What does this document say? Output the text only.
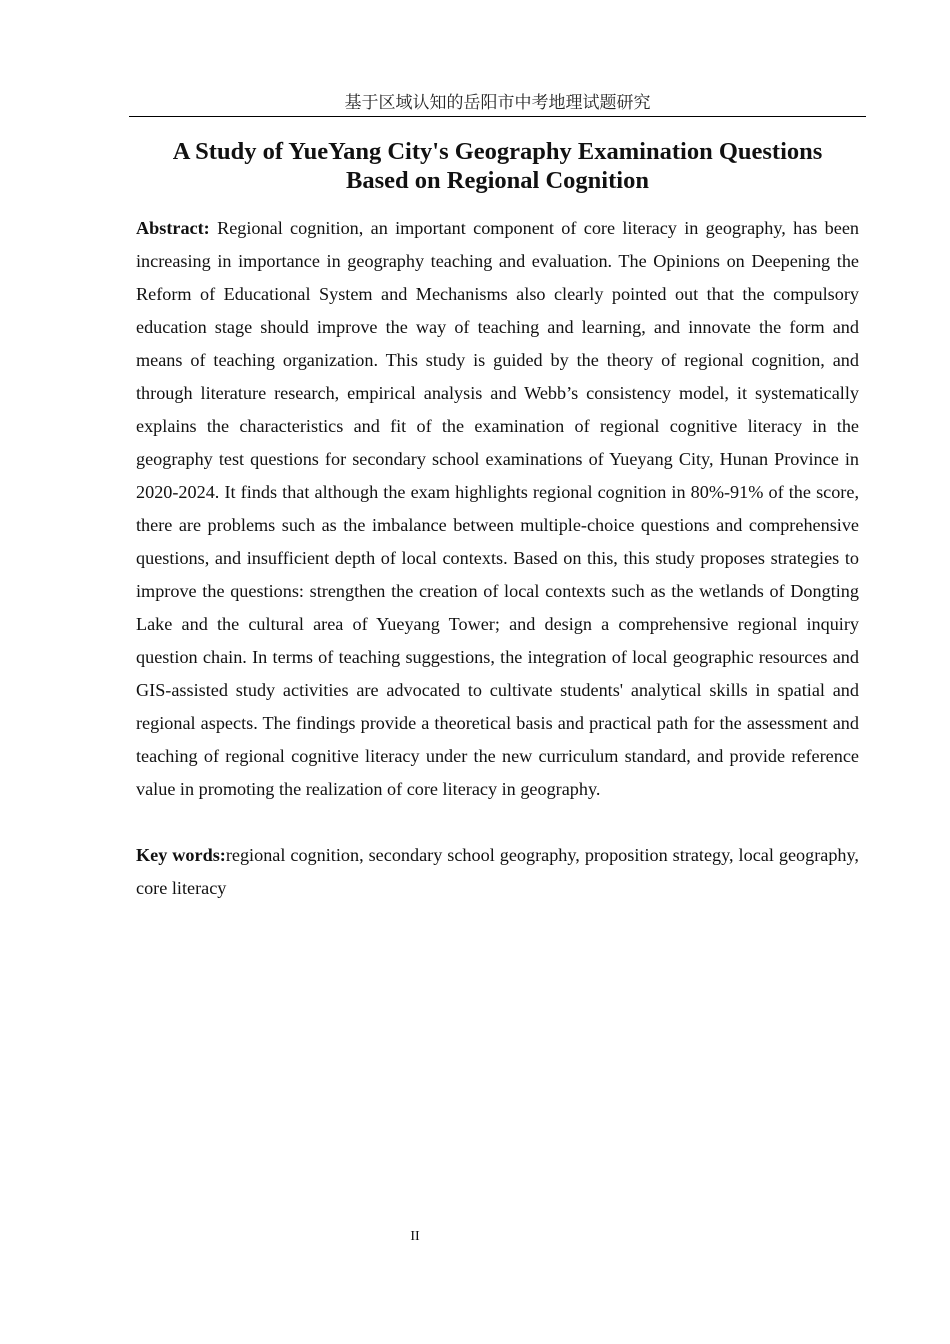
基于区域认知的岳阳市中考地理试题研究
A Study of YueYang City's Geography Examination Questions
Based on Regional Cognition

Abstract: Regional cognition, an important component of core literacy in geography, has been increasing in importance in geography teaching and evaluation. The Opinions on Deepening the Reform of Educational System and Mechanisms also clearly pointed out that the compulsory education stage should improve the way of teaching and learning, and innovate the form and means of teaching organization. This study is guided by the theory of regional cognition, and through literature research, empirical analysis and Webb’s consistency model, it systematically explains the characteristics and fit of the examination of regional cognitive literacy in the geography test questions for secondary school examinations of Yueyang City, Hunan Province in 2020-2024. It finds that although the exam highlights regional cognition in 80%-91% of the score, there are problems such as the imbalance between multiple-choice questions and comprehensive questions, and insufficient depth of local contexts. Based on this, this study proposes strategies to improve the questions: strengthen the creation of local contexts such as the wetlands of Dongting Lake and the cultural area of Yueyang Tower; and design a comprehensive regional inquiry question chain. In terms of teaching suggestions, the integration of local geographic resources and GIS-assisted study activities are advocated to cultivate students' analytical skills in spatial and regional aspects. The findings provide a theoretical basis and practical path for the assessment and teaching of regional cognitive literacy under the new curriculum standard, and provide reference value in promoting the realization of core literacy in geography.

Key words:regional cognition, secondary school geography, proposition strategy, local geography, core literacy

II
